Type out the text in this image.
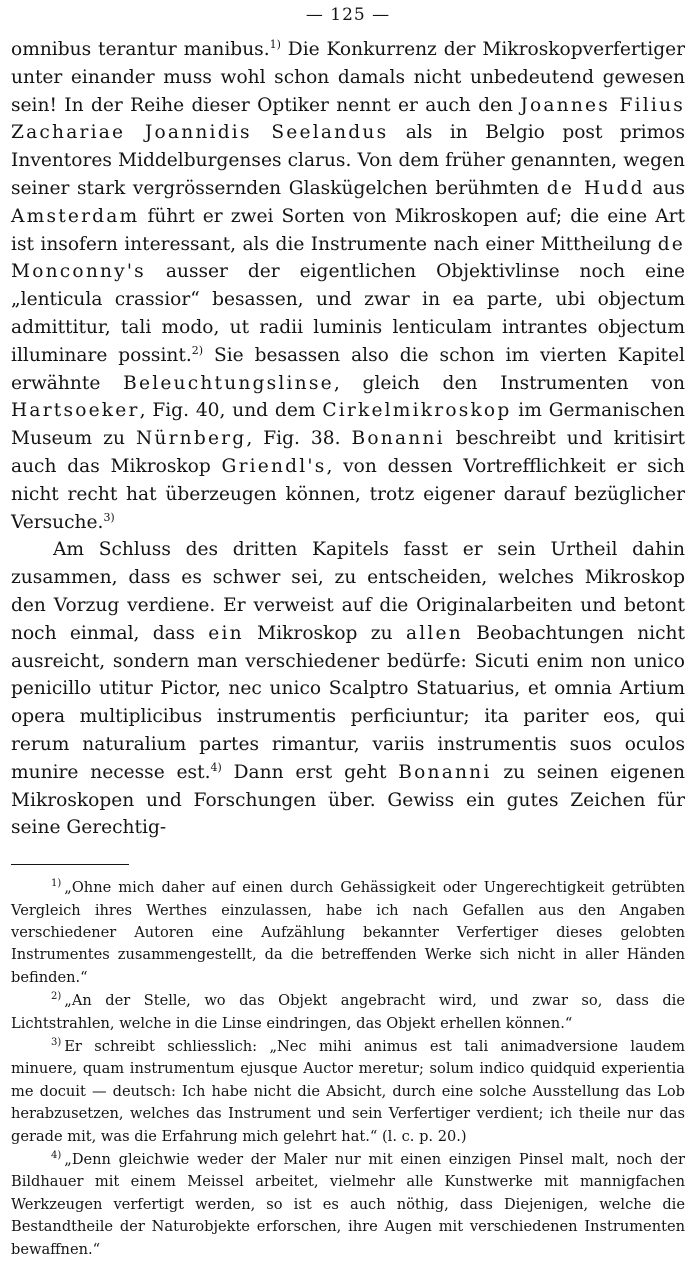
— 125 —

omnibus terantur manibus.$^{1)}$ Die Konkurrenz der Mikroskopverfertiger unter einander muss wohl schon damals nicht unbedeutend gewesen sein! In der Reihe dieser Optiker nennt er auch den Joannes Filius Zachariae Joannidis Seelandus als in Belgio post primos Inventores Middelburgenses clarus. Von dem früher genannten, wegen seiner stark vergrössernden Glaskügelchen berühmten de Hudd aus Amsterdam führt er zwei Sorten von Mikroskopen auf; die eine Art ist insofern interessant, als die Instrumente nach einer Mittheilung de Monconny's ausser der eigentlichen Objektivlinse noch eine „lenticula crassior“ besassen, und zwar in ea parte, ubi objectum admittitur, tali modo, ut radii luminis lenticulam intrantes objectum illuminare possint.$^{2)}$ Sie besassen also die schon im vierten Kapitel erwähnte Beleuchtungslinse, gleich den Instrumenten von Hartsoeker, Fig. 40, und dem Cirkelmikroskop im Germanischen Museum zu Nürnberg, Fig. 38. Bonanni beschreibt und kritisirt auch das Mikroskop Griendl's, von dessen Vortrefflichkeit er sich nicht recht hat überzeugen können, trotz eigener darauf bezüglicher Versuche.$^{3)}$

Am Schluss des dritten Kapitels fasst er sein Urtheil dahin zusammen, dass es schwer sei, zu entscheiden, welches Mikroskop den Vorzug verdiene. Er verweist auf die Originalarbeiten und betont noch einmal, dass ein Mikroskop zu allen Beobachtungen nicht ausreicht, sondern man verschiedener bedürfe: Sicuti enim non unico penicillo utitur Pictor, nec unico Scalptro Statuarius, et omnia Artium opera multiplicibus instrumentis perficiuntur; ita pariter eos, qui rerum naturalium partes rimantur, variis instrumentis suos oculos munire necesse est.$^{4)}$ Dann erst geht Bonanni zu seinen eigenen Mikroskopen und Forschungen über. Gewiss ein gutes Zeichen für seine Gerechtig-

$^{1)}$ „Ohne mich daher auf einen durch Gehässigkeit oder Ungerechtigkeit getrübten Vergleich ihres Werthes einzulassen, habe ich nach Gefallen aus den Angaben verschiedener Autoren eine Aufzählung bekannter Verfertiger dieses gelobten Instrumentes zusammengestellt, da die betreffenden Werke sich nicht in aller Händen befinden.“

$^{2)}$ „An der Stelle, wo das Objekt angebracht wird, und zwar so, dass die Lichtstrahlen, welche in die Linse eindringen, das Objekt erhellen können.“

$^{3)}$ Er schreibt schliesslich: „Nec mihi animus est tali animadversione laudem minuere, quam instrumentum ejusque Auctor meretur; solum indico quidquid experientia me docuit — deutsch: Ich habe nicht die Absicht, durch eine solche Ausstellung das Lob herabzusetzen, welches das Instrument und sein Verfertiger verdient; ich theile nur das gerade mit, was die Erfahrung mich gelehrt hat.“ (l. c. p. 20.)

$^{4)}$ „Denn gleichwie weder der Maler nur mit einen einzigen Pinsel malt, noch der Bildhauer mit einem Meissel arbeitet, vielmehr alle Kunstwerke mit mannigfachen Werkzeugen verfertigt werden, so ist es auch nöthig, dass Diejenigen, welche die Bestandtheile der Naturobjekte erforschen, ihre Augen mit verschiedenen Instrumenten bewaffnen.“
